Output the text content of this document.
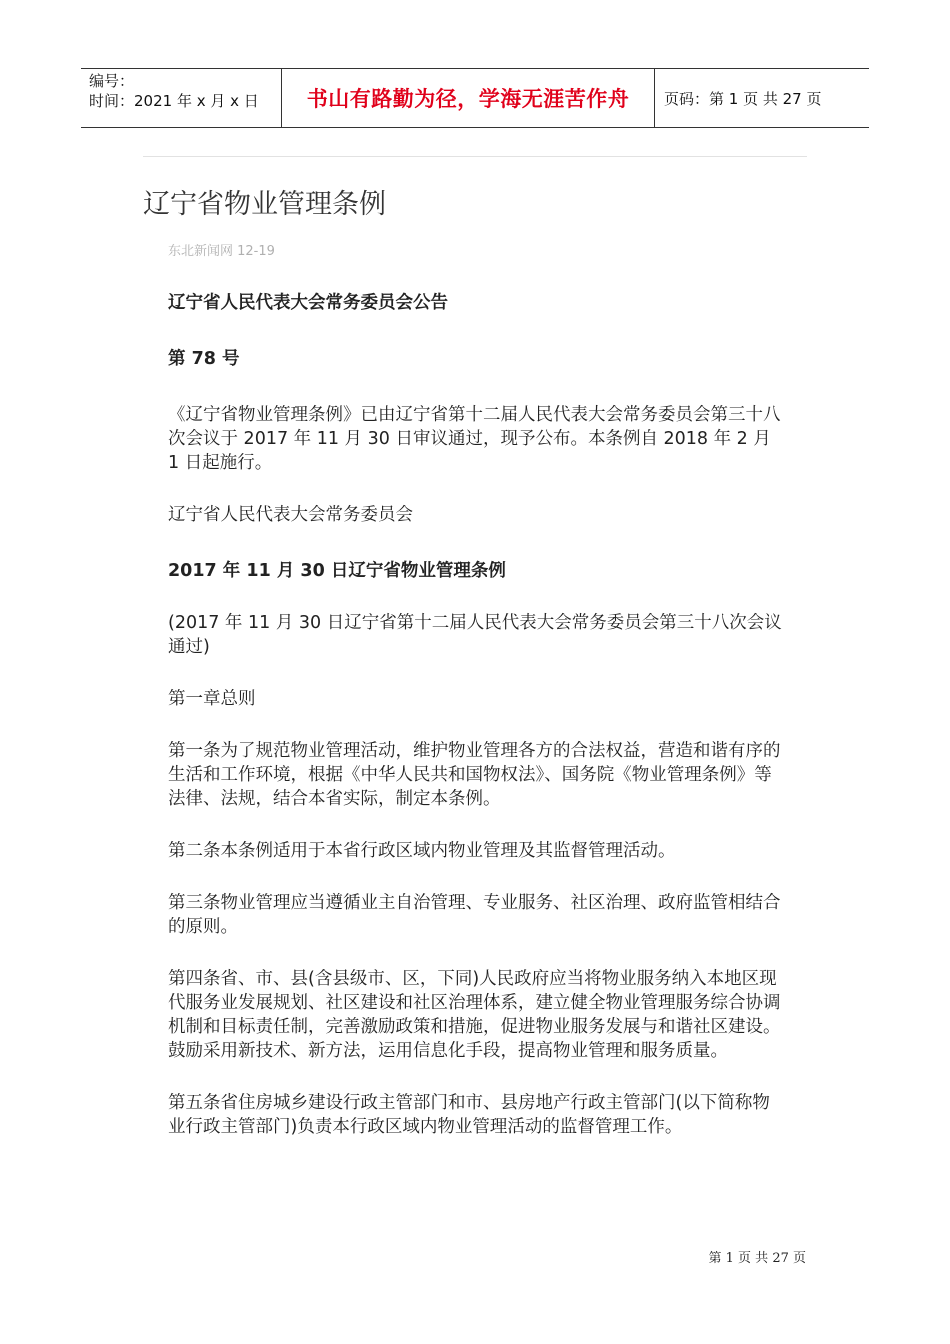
编号：
时间：2021 年 x 月 x 日	书山有路勤为径，学海无涯苦作舟	页码：第 1 页 共 27 页
辽宁省物业管理条例
东北新闻网 12-19

辽宁省人民代表大会常务委员会公告

第 78 号

《辽宁省物业管理条例》已由辽宁省第十二届人民代表大会常务委员会第三十八次会议于 2017 年 11 月 30 日审议通过，现予公布。本条例自 2018 年 2 月 1 日起施行。

辽宁省人民代表大会常务委员会

2017 年 11 月 30 日辽宁省物业管理条例

(2017 年 11 月 30 日辽宁省第十二届人民代表大会常务委员会第三十八次会议通过)

第一章总则

第一条为了规范物业管理活动，维护物业管理各方的合法权益，营造和谐有序的生活和工作环境，根据《中华人民共和国物权法》、国务院《物业管理条例》等法律、法规，结合本省实际，制定本条例。

第二条本条例适用于本省行政区域内物业管理及其监督管理活动。

第三条物业管理应当遵循业主自治管理、专业服务、社区治理、政府监管相结合的原则。

第四条省、市、县(含县级市、区，下同)人民政府应当将物业服务纳入本地区现代服务业发展规划、社区建设和社区治理体系，建立健全物业管理服务综合协调机制和目标责任制，完善激励政策和措施，促进物业服务发展与和谐社区建设。鼓励采用新技术、新方法，运用信息化手段，提高物业管理和服务质量。

第五条省住房城乡建设行政主管部门和市、县房地产行政主管部门(以下简称物业行政主管部门)负责本行政区域内物业管理活动的监督管理工作。

第 1 页 共 27 页
